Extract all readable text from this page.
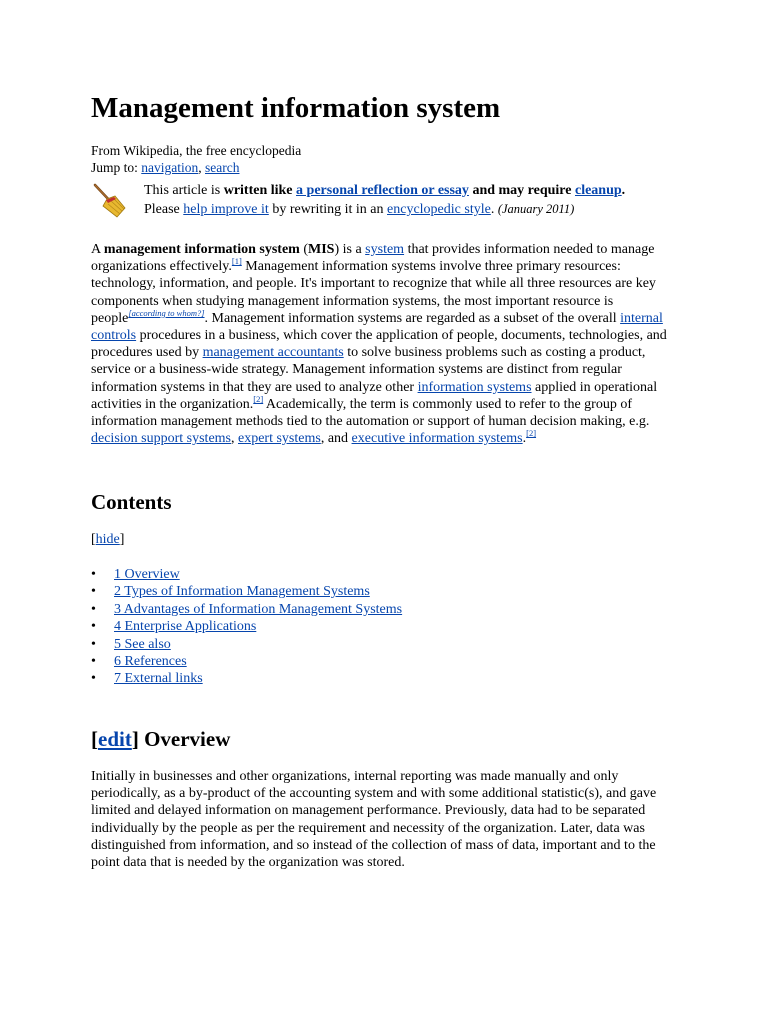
Management information system
From Wikipedia, the free encyclopedia
Jump to: navigation, search
This article is written like a personal reflection or essay and may require cleanup.
Please help improve it by rewriting it in an encyclopedic style. (January 2011)

A management information system (MIS) is a system that provides information needed to manage organizations effectively.[1] Management information systems involve three primary resources: technology, information, and people. It's important to recognize that while all three resources are key components when studying management information systems, the most important resource is people[according to whom?]. Management information systems are regarded as a subset of the overall internal controls procedures in a business, which cover the application of people, documents, technologies, and procedures used by management accountants to solve business problems such as costing a product, service or a business-wide strategy. Management information systems are distinct from regular information systems in that they are used to analyze other information systems applied in operational activities in the organization.[2] Academically, the term is commonly used to refer to the group of information management methods tied to the automation or support of human decision making, e.g. decision support systems, expert systems, and executive information systems.[2]

Contents
[hide]
• 1 Overview
• 2 Types of Information Management Systems
• 3 Advantages of Information Management Systems
• 4 Enterprise Applications
• 5 See also
• 6 References
• 7 External links
[edit] Overview

Initially in businesses and other organizations, internal reporting was made manually and only periodically, as a by-product of the accounting system and with some additional statistic(s), and gave limited and delayed information on management performance. Previously, data had to be separated individually by the people as per the requirement and necessity of the organization. Later, data was distinguished from information, and so instead of the collection of mass of data, important and to the point data that is needed by the organization was stored.
